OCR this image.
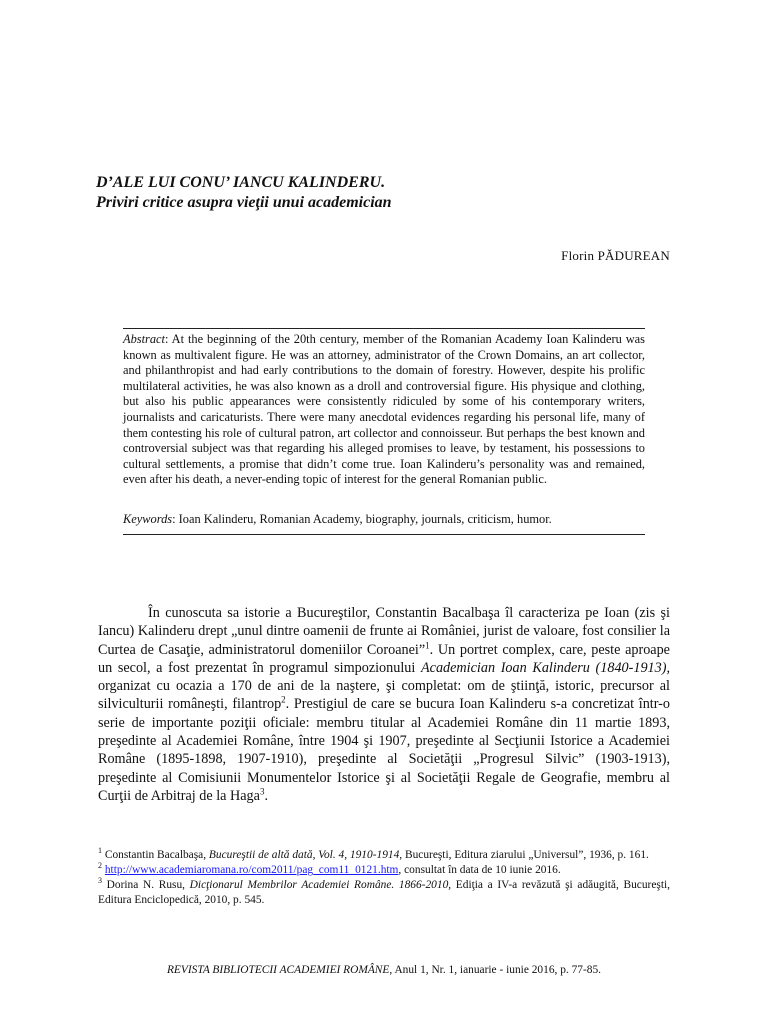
D’ALE LUI CONU’ IANCU KALINDERU.
Priviri critice asupra vieţii unui academician
Florin PĂDUREAN
Abstract: At the beginning of the 20th century, member of the Romanian Academy Ioan Kalinderu was known as multivalent figure. He was an attorney, administrator of the Crown Domains, an art collector, and philanthropist and had early contributions to the domain of forestry. However, despite his prolific multilateral activities, he was also known as a droll and controversial figure. His physique and clothing, but also his public appearances were consistently ridiculed by some of his contemporary writers, journalists and caricaturists. There were many anecdotal evidences regarding his personal life, many of them contesting his role of cultural patron, art collector and connoisseur. But perhaps the best known and controversial subject was that regarding his alleged promises to leave, by testament, his possessions to cultural settlements, a promise that didn’t come true. Ioan Kalinderu’s personality was and remained, even after his death, a never-ending topic of interest for the general Romanian public.
Keywords: Ioan Kalinderu, Romanian Academy, biography, journals, criticism, humor.
În cunoscuta sa istorie a Bucureştilor, Constantin Bacalbaşa îl caracteriza pe Ioan (zis şi Iancu) Kalinderu drept „unul dintre oamenii de frunte ai României, jurist de valoare, fost consilier la Curtea de Casaţie, administratorul domeniilor Coroanei”$^1$. Un portret complex, care, peste aproape un secol, a fost prezentat în programul simpozionului Academician Ioan Kalinderu (1840-1913), organizat cu ocazia a 170 de ani de la naştere, şi completat: om de ştiinţă, istoric, precursor al silviculturii româneşti, filantrop$^2$. Prestigiul de care se bucura Ioan Kalinderu s-a concretizat într-o serie de importante poziţii oficiale: membru titular al Academiei Române din 11 martie 1893, preşedinte al Academiei Române, între 1904 şi 1907, preşedinte al Secţiunii Istorice a Academiei Române (1895-1898, 1907-1910), preşedinte al Societăţii „Progresul Silvic” (1903-1913), preşedinte al Comisiunii Monumentelor Istorice şi al Societăţii Regale de Geografie, membru al Curţii de Arbitraj de la Haga$^3$.
$^1$ Constantin Bacalbaşa, Bucureştii de altă dată, Vol. 4, 1910-1914, Bucureşti, Editura ziarului „Universul”, 1936, p. 161.
$^2$ http://www.academiaromana.ro/com2011/pag_com11_0121.htm, consultat în data de 10 iunie 2016.
$^3$ Dorina N. Rusu, Dicţionarul Membrilor Academiei Române. 1866-2010, Ediţia a IV-a revăzută şi adăugită, Bucureşti, Editura Enciclopedică, 2010, p. 545.
REVISTA BIBLIOTECII ACADEMIEI ROMÂNE, Anul 1, Nr. 1, ianuarie - iunie 2016, p. 77-85.
